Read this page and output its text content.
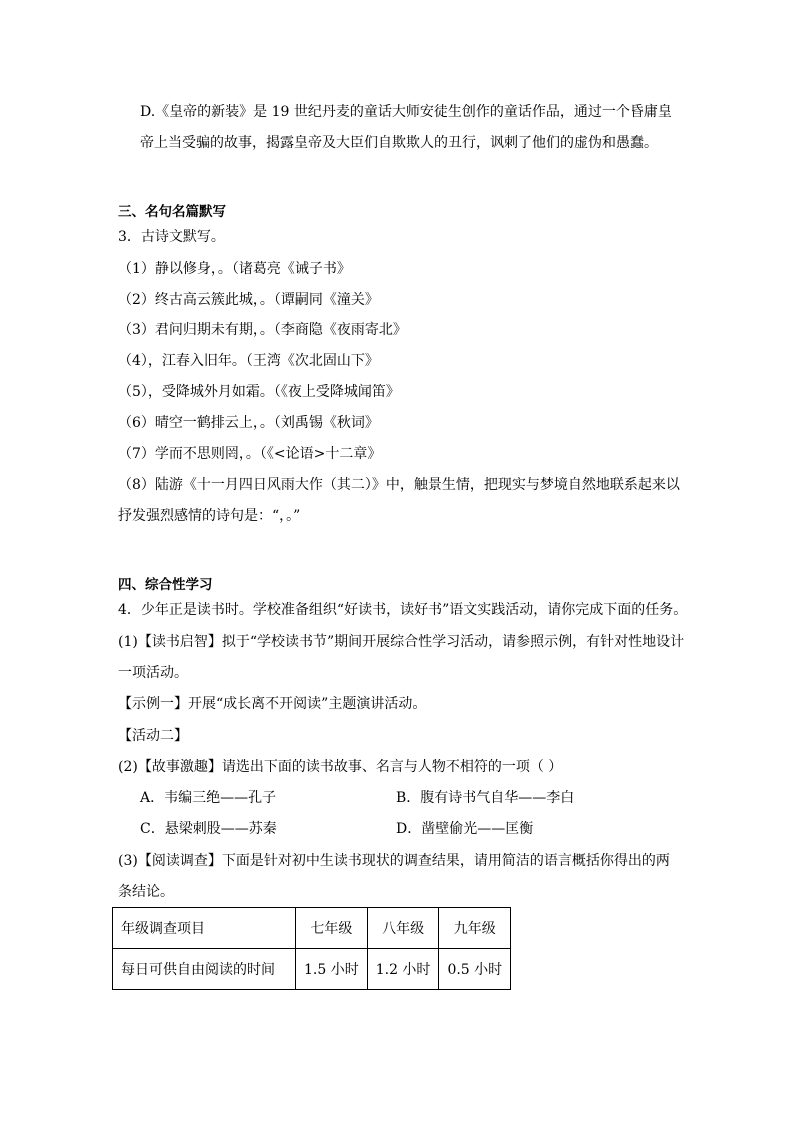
D.《皇帝的新装》是 19 世纪丹麦的童话大师安徒生创作的童话作品，通过一个昏庸皇
帝上当受骗的故事，揭露皇帝及大臣们自欺欺人的丑行，讽刺了他们的虚伪和愚蠢。
三、名句名篇默写
3．古诗文默写。
（1）静以修身，。（诸葛亮《诫子书》
（2）终古高云簇此城，。（谭嗣同《潼关》
（3）君问归期未有期，。（李商隐《夜雨寄北》
（4），江春入旧年。（王湾《次北固山下》
（5），受降城外月如霜。（《夜上受降城闻笛》
（6）晴空一鹤排云上，。（刘禹锡《秋词》
（7）学而不思则罔，。（《<论语>十二章》
（8）陆游《十一月四日风雨大作（其二）》中，触景生情，把现实与梦境自然地联系起来以
抒发强烈感情的诗句是：“，。”
四、综合性学习
4．少年正是读书时。学校准备组织“好读书，读好书”语文实践活动，请你完成下面的任务。
(1)【读书启智】拟于“学校读书节”期间开展综合性学习活动，请参照示例，有针对性地设计
一项活动。
【示例一】开展“成长离不开阅读”主题演讲活动。
【活动二】
(2)【故事激趣】请选出下面的读书故事、名言与人物不相符的一项（ ）
A．韦编三绝——孔子	B．腹有诗书气自华——李白
C．悬梁刺股——苏秦	D．凿壁偷光——匡衡
(3)【阅读调查】下面是针对初中生读书现状的调查结果，请用简洁的语言概括你得出的两
条结论。
年级调查项目	七年级	八年级	九年级
每日可供自由阅读的时间	1.5 小时	1.2 小时	0.5 小时
